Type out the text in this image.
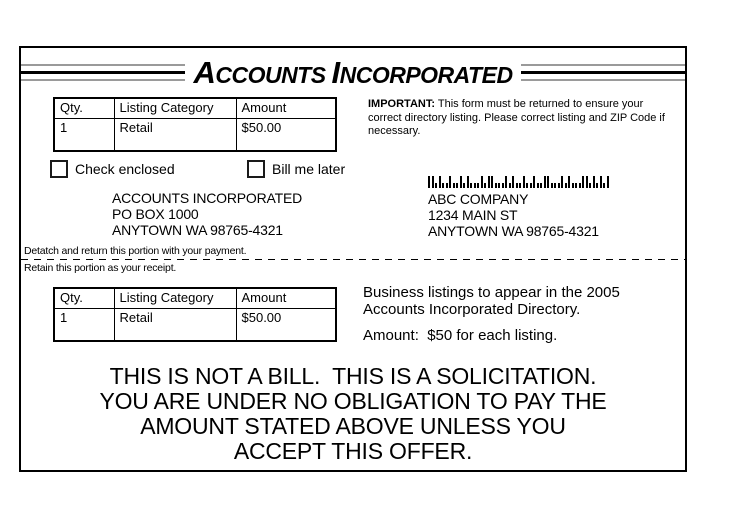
ACCOUNTS INCORPORATED
Qty.	Listing Category	Amount
1	Retail	$50.00
IMPORTANT: This form must be returned to ensure your correct directory listing. Please correct listing and ZIP Code if necessary.
Check enclosed	Bill me later
ACCOUNTS INCORPORATED
PO BOX 1000
ANYTOWN WA 98765-4321
ABC COMPANY
1234 MAIN ST
ANYTOWN WA 98765-4321
Detatch and return this portion with your payment.
Retain this portion as your receipt.
Qty.	Listing Category	Amount
1	Retail	$50.00
Business listings to appear in the 2005
Accounts Incorporated Directory.
Amount:  $50 for each listing.
THIS IS NOT A BILL.  THIS IS A SOLICITATION.
YOU ARE UNDER NO OBLIGATION TO PAY THE
AMOUNT STATED ABOVE UNLESS YOU
ACCEPT THIS OFFER.
